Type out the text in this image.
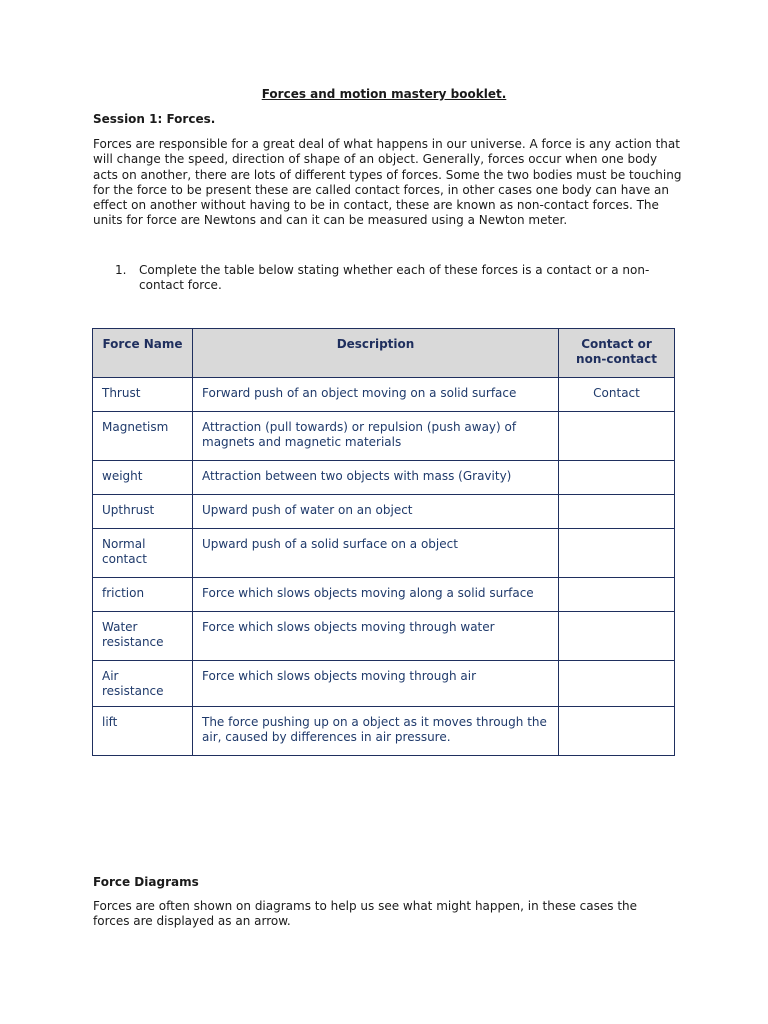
Forces and motion mastery booklet.
Session 1: Forces.

Forces are responsible for a great deal of what happens in our universe. A force is any action that will change the speed, direction of shape of an object. Generally, forces occur when one body acts on another, there are lots of different types of forces. Some the two bodies must be touching for the force to be present these are called contact forces, in other cases one body can have an effect on another without having to be in contact, these are known as non-contact forces. The units for force are Newtons and can it can be measured using a Newton meter.

1. Complete the table below stating whether each of these forces is a contact or a non-contact force.

Force Name	Description	Contact or non-contact
Thrust	Forward push of an object moving on a solid surface	Contact
Magnetism	Attraction (pull towards) or repulsion (push away) of magnets and magnetic materials	
weight	Attraction between two objects with mass (Gravity)	
Upthrust	Upward push of water on an object	
Normal contact	Upward push of a solid surface on a object	
friction	Force which slows objects moving along a solid surface	
Water resistance	Force which slows objects moving through water	
Air resistance	Force which slows objects moving through air	
lift	The force pushing up on a object as it moves through the air, caused by differences in air pressure.	
Force Diagrams

Forces are often shown on diagrams to help us see what might happen, in these cases the forces are displayed as an arrow.
